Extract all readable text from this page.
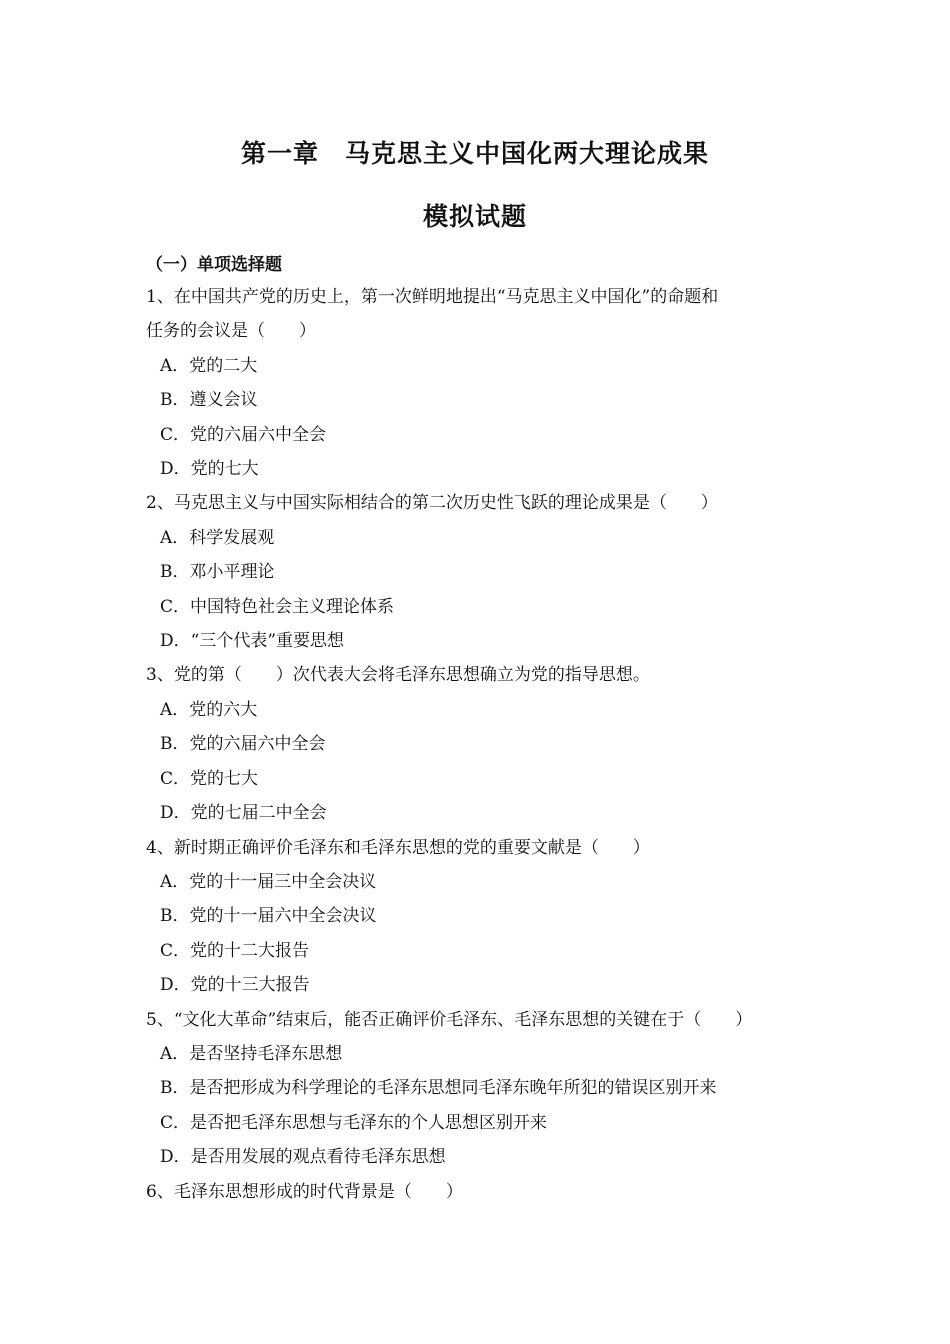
第一章　马克思主义中国化两大理论成果
模拟试题
（一）单项选择题

1、在中国共产党的历史上，第一次鲜明地提出“马克思主义中国化”的命题和

任务的会议是（　　）

A．党的二大

B．遵义会议

C．党的六届六中全会

D．党的七大

2、马克思主义与中国实际相结合的第二次历史性飞跃的理论成果是（　　）

A．科学发展观

B．邓小平理论

C．中国特色社会主义理论体系

D．“三个代表”重要思想

3、党的第（　　）次代表大会将毛泽东思想确立为党的指导思想。

A．党的六大

B．党的六届六中全会

C．党的七大

D．党的七届二中全会

4、新时期正确评价毛泽东和毛泽东思想的党的重要文献是（　　）

A．党的十一届三中全会决议

B．党的十一届六中全会决议

C．党的十二大报告

D．党的十三大报告

5、“文化大革命”结束后，能否正确评价毛泽东、毛泽东思想的关键在于（　　）

A．是否坚持毛泽东思想

B．是否把形成为科学理论的毛泽东思想同毛泽东晚年所犯的错误区别开来

C．是否把毛泽东思想与毛泽东的个人思想区别开来

D．是否用发展的观点看待毛泽东思想

6、毛泽东思想形成的时代背景是（　　）
